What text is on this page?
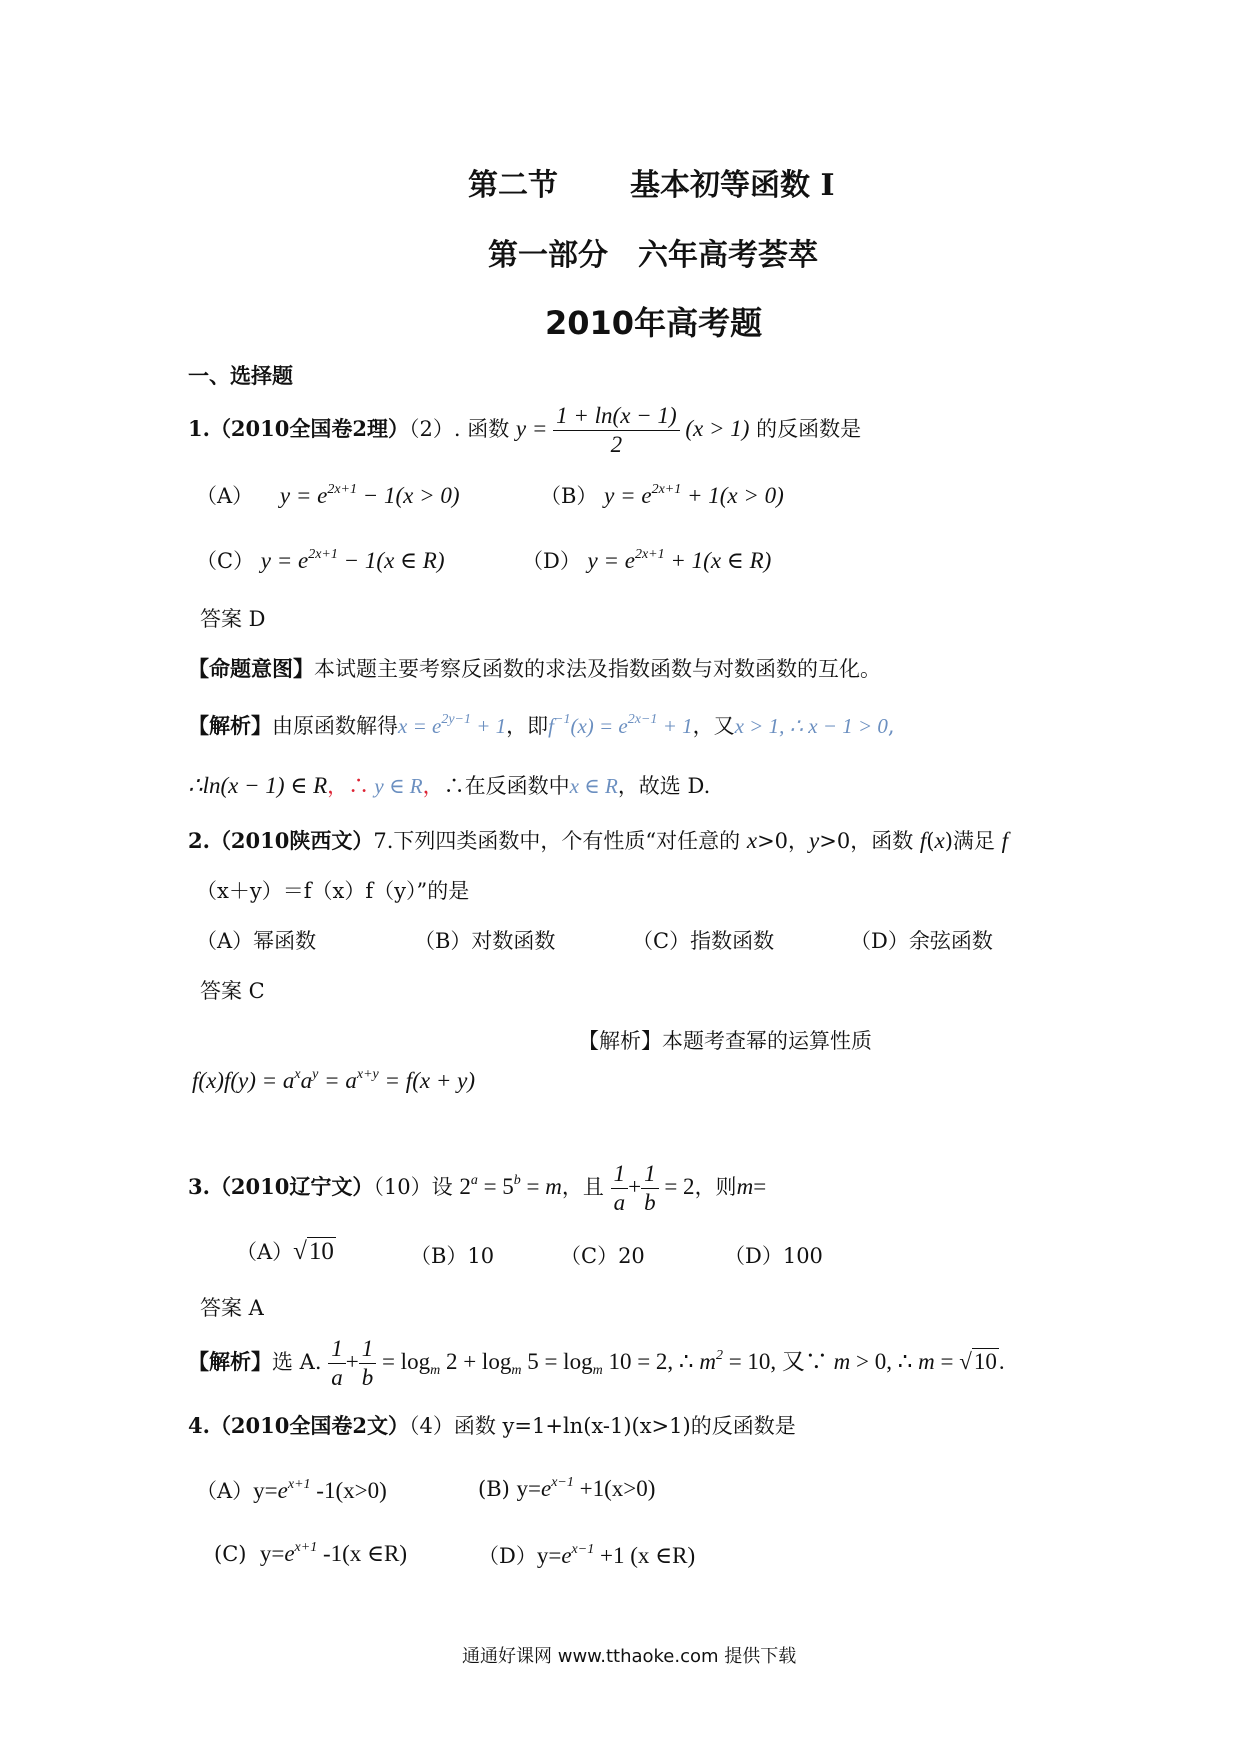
第二节 基本初等函数 I
第一部分　六年高考荟萃
2010年高考题
一、选择题
1.（2010全国卷2理）（2）. 函数 $y = \frac{1 + \ln(x - 1)}{2} (x > 1)$ 的反函数是
（A） $y = e^{2x+1} - 1(x > 0)$	（B） $y = e^{2x+1} + 1(x > 0)$
（C） $y = e^{2x+1} - 1(x$ ∈ R)	（D） $y = e^{2x+1} + 1(x$ ∈ R)
答案 D
【命题意图】本试题主要考察反函数的求法及指数函数与对数函数的互化。
【解析】由原函数解得$x = e^{2y-1} + 1$，即$f^{-1}(x) = e^{2x-1} + 1$，又x > 1, ∴ x − 1 > 0,
∴ln(x − 1) ∈ R，∴ y ∈ R，∴在反函数中x ∈ R，故选 D.
2.（2010陕西文）7.下列四类函数中，个有性质“对任意的 x>0，y>0，函数 f(x)满足 f
（x＋y）＝f（x）f（y）”的是
（A）幂函数	（B）对数函数	（C）指数函数	（D）余弦函数
答案 C
【解析】本题考查幂的运算性质
$f(x)f(y) = a^xa^y = a^{x+y} = f(x + y)$
3.（2010辽宁文）（10）设 $2^a = 5^b = m$，且 $\frac{1}{a} + \frac{1}{b} = 2$，则m=
（A）√10	（B）10	（C）20	（D）100
答案 A
【解析】选 A. $\frac{1}{a} + \frac{1}{b} = \log_m 2 + \log_m 5 = \log_m 10 = 2$, ∴ $m^2 = 10$, 又∵ m > 0, ∴ m = √10.
4.（2010全国卷2文）（4）函数 y=1+ln(x-1)(x>1)的反函数是
$(A)y=e^{x+1}$ -1(x>0)	(B) $y=e^{x-1} +1(x>0)$
(C) $y=e^{x+1}$ -1(x ∈R)	$(D)y=e^{x-1} +1$ (x ∈R)
通通好课网 www.tthaoke.com 提供下载
